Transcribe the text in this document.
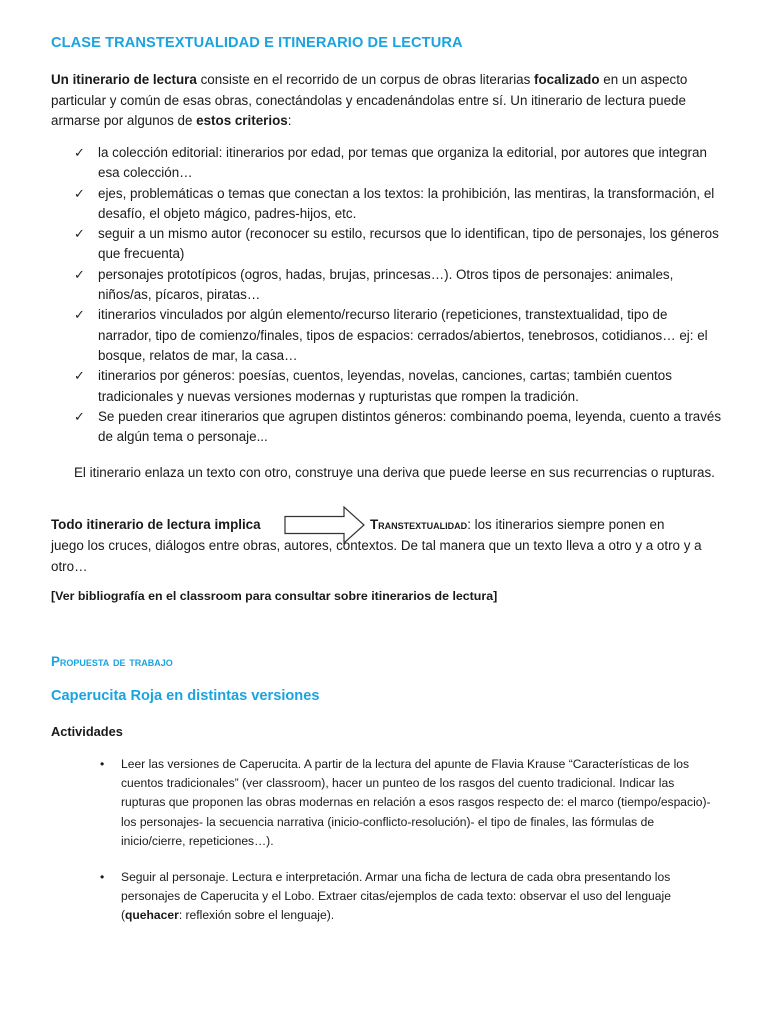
CLASE TRANSTEXTUALIDAD E ITINERARIO DE LECTURA
Un itinerario de lectura consiste en el recorrido de un corpus de obras literarias focalizado en un aspecto particular y común de esas obras, conectándolas y encadenándolas entre sí. Un itinerario de lectura puede armarse por algunos de estos criterios:
✓ la colección editorial: itinerarios por edad, por temas que organiza la editorial, por autores que integran esa colección…
✓ ejes, problemáticas o temas que conectan a los textos: la prohibición, las mentiras, la transformación, el desafío, el objeto mágico, padres-hijos, etc.
✓ seguir a un mismo autor (reconocer su estilo, recursos que lo identifican, tipo de personajes, los géneros que frecuenta)
✓ personajes prototípicos (ogros, hadas, brujas, princesas…). Otros tipos de personajes: animales, niños/as, pícaros, piratas…
✓ itinerarios vinculados por algún elemento/recurso literario (repeticiones, transtextualidad, tipo de narrador, tipo de comienzo/finales, tipos de espacios: cerrados/abiertos, tenebrosos, cotidianos… ej: el bosque, relatos de mar, la casa…
✓ itinerarios por géneros: poesías, cuentos, leyendas, novelas, canciones, cartas; también cuentos tradicionales y nuevas versiones modernas y rupturistas que rompen la tradición.
✓ Se pueden crear itinerarios que agrupen distintos géneros: combinando poema, leyenda, cuento a través de algún tema o personaje...
El itinerario enlaza un texto con otro, construye una deriva que puede leerse en sus recurrencias o rupturas.
Todo itinerario de lectura implica	Transtextualidad: los itinerarios siempre ponen en
juego los cruces, diálogos entre obras, autores, contextos. De tal manera que un texto lleva a otro y a otro y a otro…
[Ver bibliografía en el classroom para consultar sobre itinerarios de lectura]
Propuesta de trabajo
Caperucita Roja en distintas versiones
Actividades
• Leer las versiones de Caperucita. A partir de la lectura del apunte de Flavia Krause “Características de los cuentos tradicionales” (ver classroom), hacer un punteo de los rasgos del cuento tradicional. Indicar las rupturas que proponen las obras modernas en relación a esos rasgos respecto de: el marco (tiempo/espacio)- los personajes- la secuencia narrativa (inicio-conflicto-resolución)- el tipo de finales, las fórmulas de inicio/cierre, repeticiones…).
• Seguir al personaje. Lectura e interpretación. Armar una ficha de lectura de cada obra presentando los personajes de Caperucita y el Lobo. Extraer citas/ejemplos de cada texto: observar el uso del lenguaje (quehacer: reflexión sobre el lenguaje).
